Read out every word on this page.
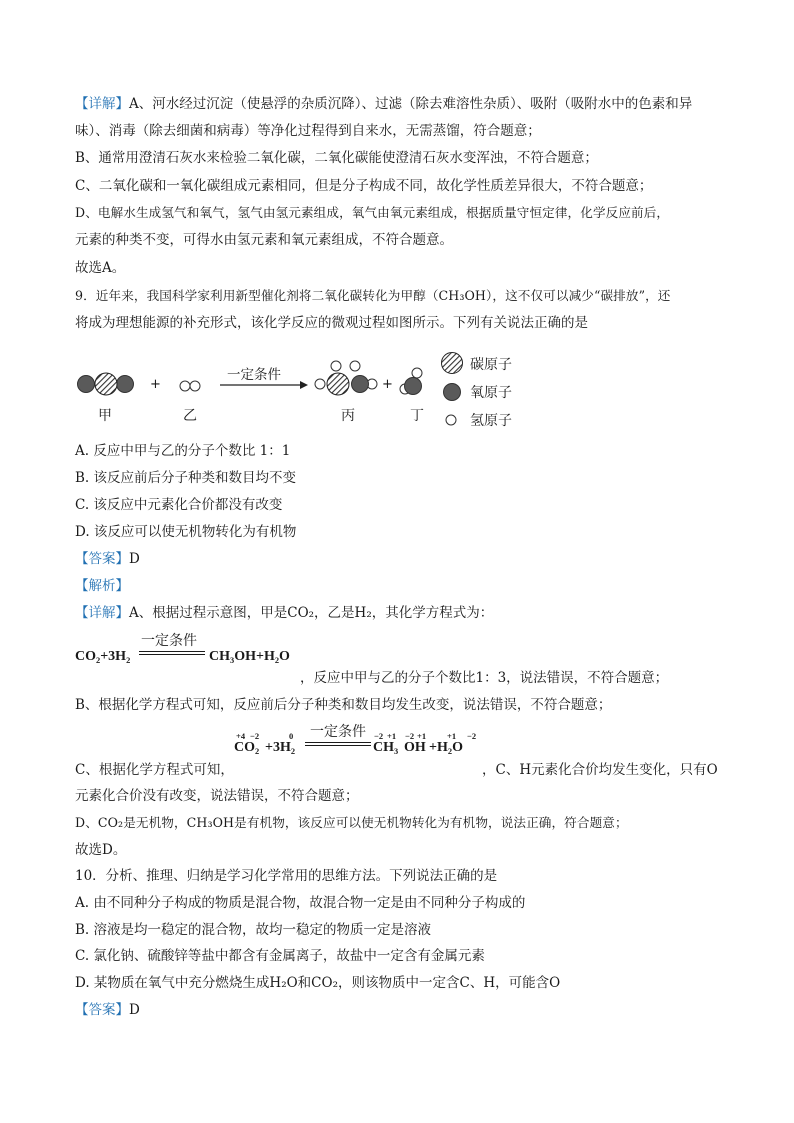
【详解】A、河水经过沉淀（使悬浮的杂质沉降）、过滤（除去难溶性杂质）、吸附（吸附水中的色素和异
味）、消毒（除去细菌和病毒）等净化过程得到自来水，无需蒸馏，符合题意；
B、通常用澄清石灰水来检验二氧化碳，二氧化碳能使澄清石灰水变浑浊，不符合题意；
C、二氧化碳和一氧化碳组成元素相同，但是分子构成不同，故化学性质差异很大，不符合题意；
D、电解水生成氢气和氧气，氢气由氢元素组成，氧气由氧元素组成，根据质量守恒定律，化学反应前后，
元素的种类不变，可得水由氢元素和氧元素组成，不符合题意。
故选A。
9．近年来，我国科学家利用新型催化剂将二氧化碳转化为甲醇（CH₃OH），这不仅可以减少“碳排放”，还
将成为理想能源的补充形式，该化学反应的微观过程如图所示。下列有关说法正确的是
+	+
一定条件
甲	乙	丙	丁
碳原子
氧原子
氢原子
A. 反应中甲与乙的分子个数比 1：1
B. 该反应前后分子种类和数目均不变
C. 该反应中元素化合价都没有改变
D. 该反应可以使无机物转化为有机物
【答案】D
【解析】
【详解】A、根据过程示意图，甲是CO₂，乙是H₂，其化学方程式为：
CO₂+3H₂
一定条件
CH₃OH+H₂O
，反应中甲与乙的分子个数比1：3，说法错误，不符合题意；
B、根据化学方程式可知，反应前后分子种类和数目均发生改变，说法错误，不符合题意；
+4 −2	0	−2 +1 −2 +1 +1 −2
CO₂ +3H₂
一定条件
CH₃ OH +H₂O
C、根据化学方程式可知，	，C、H元素化合价均发生变化，只有O
元素化合价没有改变，说法错误，不符合题意；
D、CO₂是无机物，CH₃OH是有机物，该反应可以使无机物转化为有机物，说法正确，符合题意；
故选D。
10．分析、推理、归纳是学习化学常用的思维方法。下列说法正确的是
A. 由不同种分子构成的物质是混合物，故混合物一定是由不同种分子构成的
B. 溶液是均一稳定的混合物，故均一稳定的物质一定是溶液
C. 氯化钠、硫酸锌等盐中都含有金属离子，故盐中一定含有金属元素
D. 某物质在氧气中充分燃烧生成H₂O和CO₂，则该物质中一定含C、H，可能含O
【答案】D
